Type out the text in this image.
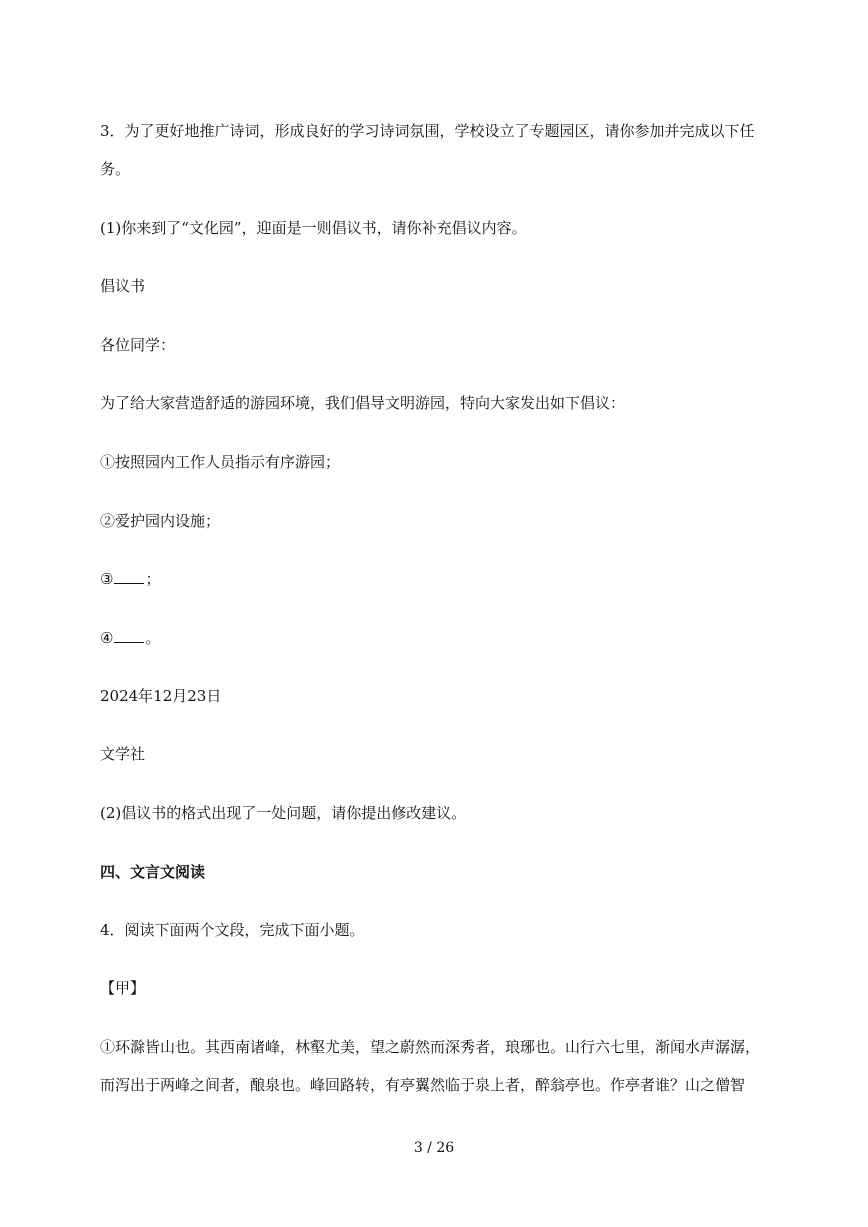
3．为了更好地推广诗词，形成良好的学习诗词氛围，学校设立了专题园区，请你参加并完成以下任
务。
(1)你来到了“文化园”，迎面是一则倡议书，请你补充倡议内容。
倡议书
各位同学：
为了给大家营造舒适的游园环境，我们倡导文明游园，特向大家发出如下倡议：
①按照园内工作人员指示有序游园；
②爱护园内设施；
③ ；
④ 。
2024年12月23日
文学社
(2)倡议书的格式出现了一处问题，请你提出修改建议。
四、文言文阅读
4．阅读下面两个文段，完成下面小题。
【甲】
①环滁皆山也。其西南诸峰，林壑尤美，望之蔚然而深秀者，琅琊也。山行六七里，渐闻水声潺潺，
而泻出于两峰之间者，酿泉也。峰回路转，有亭翼然临于泉上者，醉翁亭也。作亭者谁？山之僧智
3 / 26
